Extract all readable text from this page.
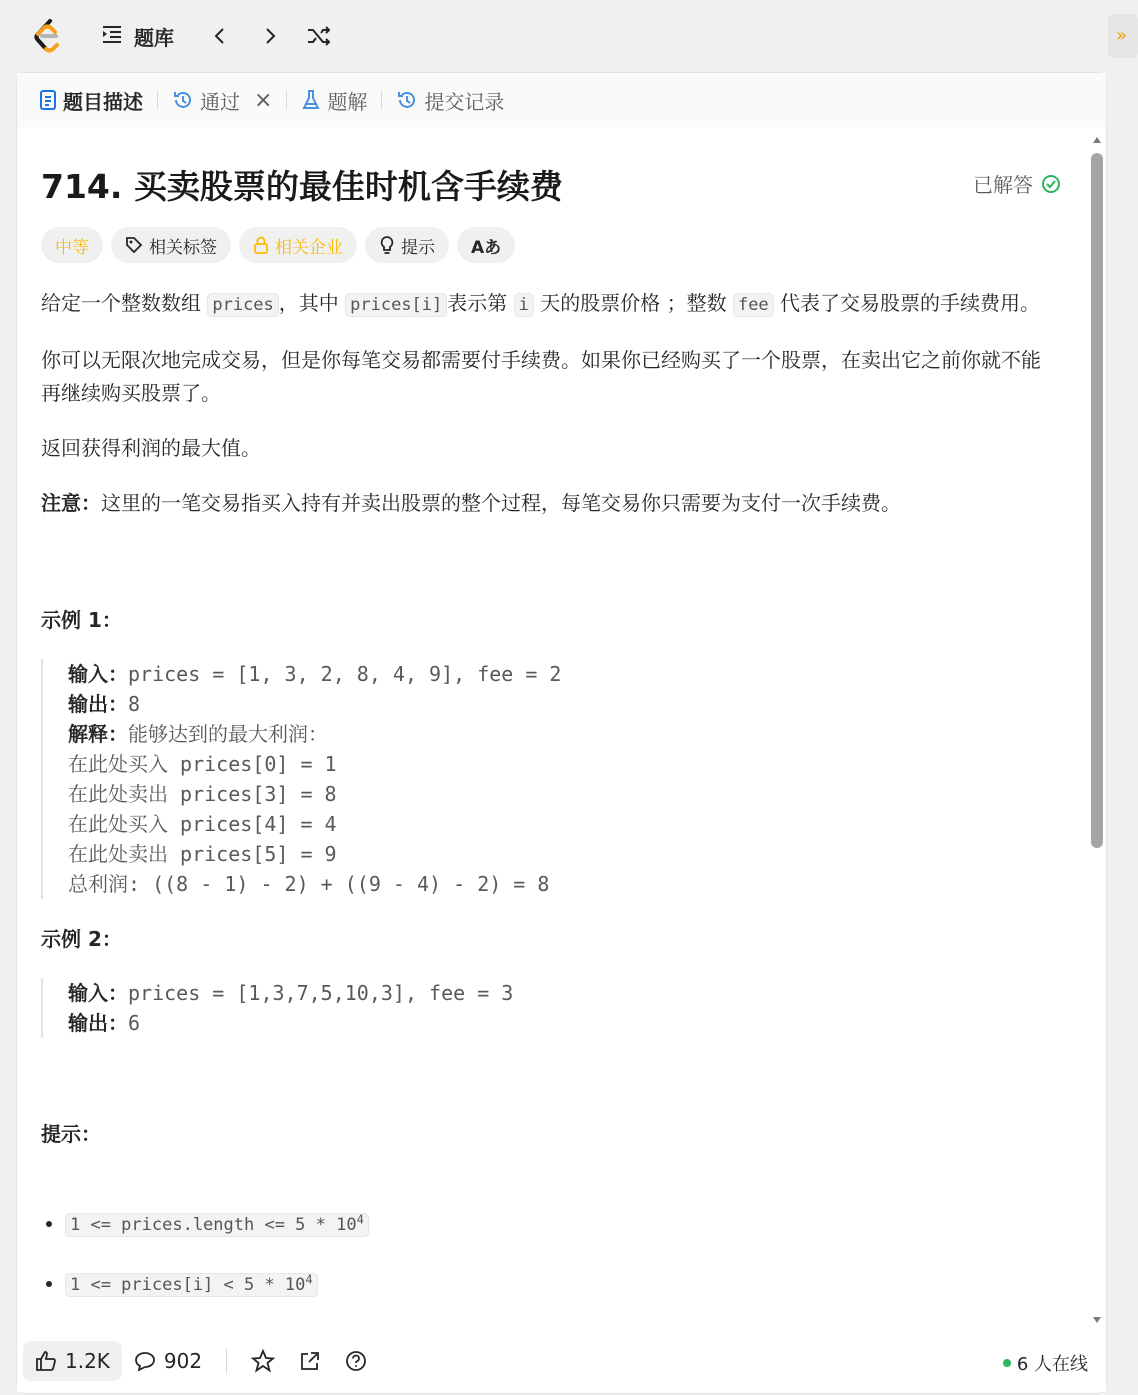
题库	»
题目描述	通过 ×	题解	提交记录
714. 买卖股票的最佳时机含手续费	已解答
中等	相关标签	相关企业	提示 Aあ

给定一个整数数组 prices ，其中 prices[i] 表示第 i 天的股票价格 ；整数 fee 代表了交易股票的手续费用。

你可以无限次地完成交易，但是你每笔交易都需要付手续费。如果你已经购买了一个股票，在卖出它之前你就不能再继续购买股票了。

返回获得利润的最大值。

注意：这里的一笔交易指买入持有并卖出股票的整个过程，每笔交易你只需要为支付一次手续费。

示例 1：

输入：prices = [1, 3, 2, 8, 4, 9], fee = 2
输出：8
解释：能够达到的最大利润：
在此处买入 prices[0] = 1
在此处卖出 prices[3] = 8
在此处买入 prices[4] = 4
在此处卖出 prices[5] = 9
总利润: ((8 - 1) - 2) + ((9 - 4) - 2) = 8

示例 2：

输入：prices = [1,3,7,5,10,3], fee = 3
输出：6

提示：

• 1 <= prices.length <= $5 * 10^4$
• 1 <= prices[i] < $5 * 10^4$
•
1.2K	902	6 人在线
